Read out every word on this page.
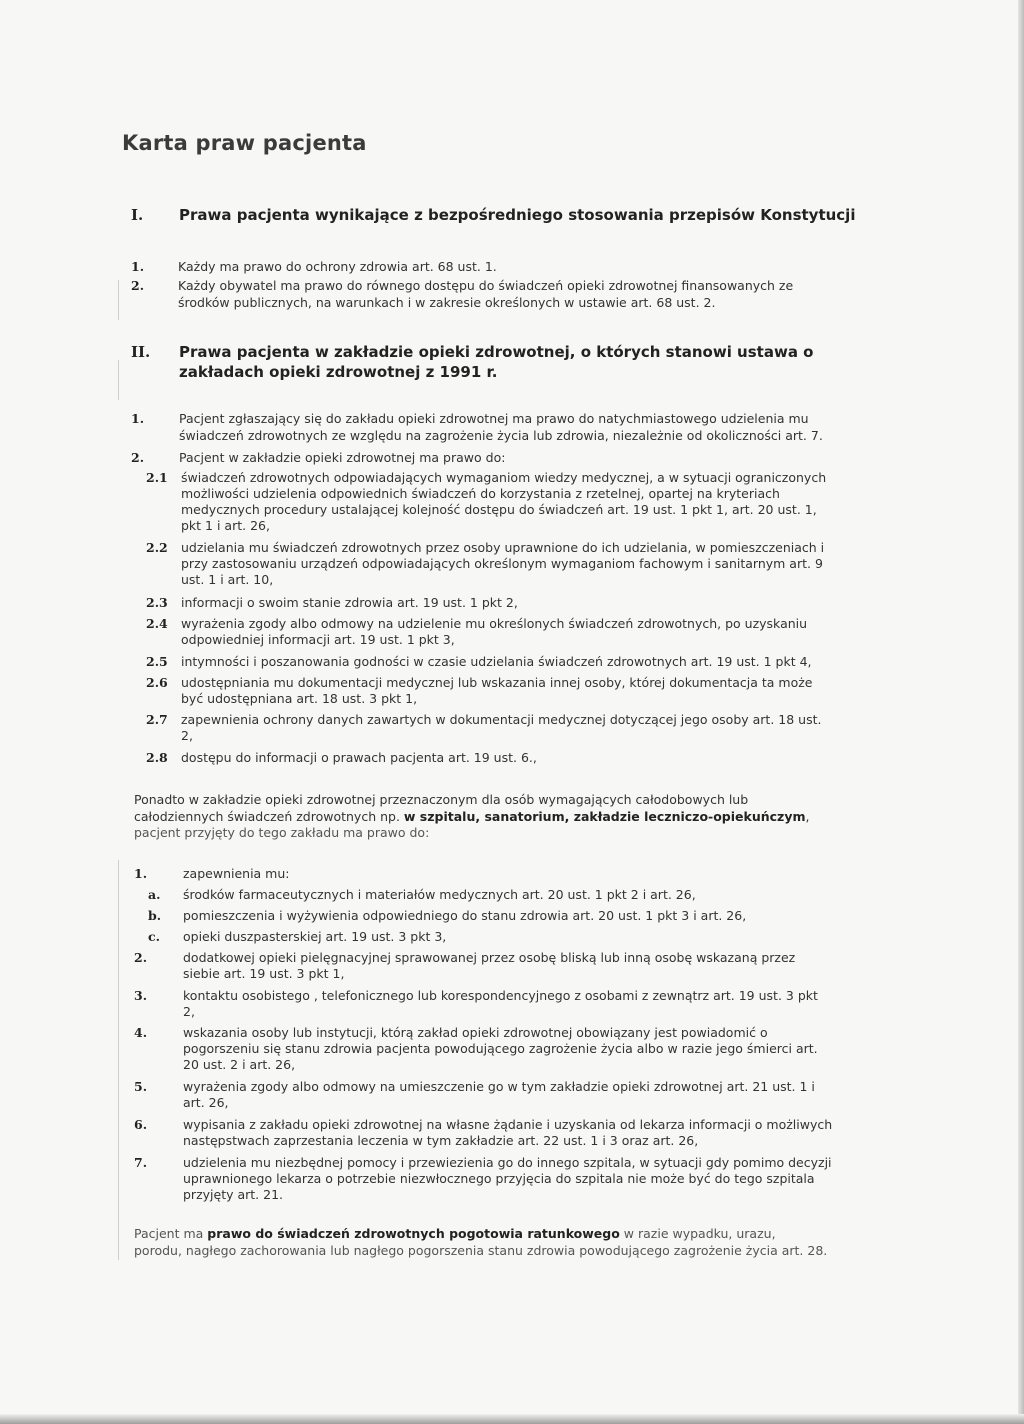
Karta praw pacjenta
I. Prawa pacjenta wynikające z bezpośredniego stosowania przepisów Konstytucji
1.	Każdy ma prawo do ochrony zdrowia art. 68 ust. 1.
2.	Każdy obywatel ma prawo do równego dostępu do świadczeń opieki zdrowotnej finansowanych ze
środków publicznych, na warunkach i w zakresie określonych w ustawie art. 68 ust. 2.
II. Prawa pacjenta w zakładzie opieki zdrowotnej, o których stanowi ustawa o
zakładach opieki zdrowotnej z 1991 r.
1.	Pacjent zgłaszający się do zakładu opieki zdrowotnej ma prawo do natychmiastowego udzielenia mu
świadczeń zdrowotnych ze względu na zagrożenie życia lub zdrowia, niezależnie od okoliczności art. 7.
2.	Pacjent w zakładzie opieki zdrowotnej ma prawo do:
2.1 świadczeń zdrowotnych odpowiadających wymaganiom wiedzy medycznej, a w sytuacji ograniczonych
możliwości udzielenia odpowiednich świadczeń do korzystania z rzetelnej, opartej na kryteriach
medycznych procedury ustalającej kolejność dostępu do świadczeń art. 19 ust. 1 pkt 1, art. 20 ust. 1,
pkt 1 i art. 26,
2.2 udzielania mu świadczeń zdrowotnych przez osoby uprawnione do ich udzielania, w pomieszczeniach i
przy zastosowaniu urządzeń odpowiadających określonym wymaganiom fachowym i sanitarnym art. 9
ust. 1 i art. 10,
2.3 informacji o swoim stanie zdrowia art. 19 ust. 1 pkt 2,
2.4 wyrażenia zgody albo odmowy na udzielenie mu określonych świadczeń zdrowotnych, po uzyskaniu
odpowiedniej informacji art. 19 ust. 1 pkt 3,
2.5 intymności i poszanowania godności w czasie udzielania świadczeń zdrowotnych art. 19 ust. 1 pkt 4,
2.6 udostępniania mu dokumentacji medycznej lub wskazania innej osoby, której dokumentacja ta może
być udostępniana art. 18 ust. 3 pkt 1,
2.7 zapewnienia ochrony danych zawartych w dokumentacji medycznej dotyczącej jego osoby art. 18 ust.
2,
2.8 dostępu do informacji o prawach pacjenta art. 19 ust. 6.,
Ponadto w zakładzie opieki zdrowotnej przeznaczonym dla osób wymagających całodobowych lub
całodziennych świadczeń zdrowotnych np. w szpitalu, sanatorium, zakładzie leczniczo-opiekuńczym,
pacjent przyjęty do tego zakładu ma prawo do:
1.	zapewnienia mu:
a. środków farmaceutycznych i materiałów medycznych art. 20 ust. 1 pkt 2 i art. 26,
b. pomieszczenia i wyżywienia odpowiedniego do stanu zdrowia art. 20 ust. 1 pkt 3 i art. 26,
c. opieki duszpasterskiej art. 19 ust. 3 pkt 3,
2.	dodatkowej opieki pielęgnacyjnej sprawowanej przez osobę bliską lub inną osobę wskazaną przez
siebie art. 19 ust. 3 pkt 1,
3.	kontaktu osobistego , telefonicznego lub korespondencyjnego z osobami z zewnątrz art. 19 ust. 3 pkt
2,
4.	wskazania osoby lub instytucji, którą zakład opieki zdrowotnej obowiązany jest powiadomić o
pogorszeniu się stanu zdrowia pacjenta powodującego zagrożenie życia albo w razie jego śmierci art.
20 ust. 2 i art. 26,
5.	wyrażenia zgody albo odmowy na umieszczenie go w tym zakładzie opieki zdrowotnej art. 21 ust. 1 i
art. 26,
6.	wypisania z zakładu opieki zdrowotnej na własne żądanie i uzyskania od lekarza informacji o możliwych
następstwach zaprzestania leczenia w tym zakładzie art. 22 ust. 1 i 3 oraz art. 26,
7.	udzielenia mu niezbędnej pomocy i przewiezienia go do innego szpitala, w sytuacji gdy pomimo decyzji
uprawnionego lekarza o potrzebie niezwłocznego przyjęcia do szpitala nie może być do tego szpitala
przyjęty art. 21.
Pacjent ma prawo do świadczeń zdrowotnych pogotowia ratunkowego w razie wypadku, urazu,
porodu, nagłego zachorowania lub nagłego pogorszenia stanu zdrowia powodującego zagrożenie życia art. 28.
